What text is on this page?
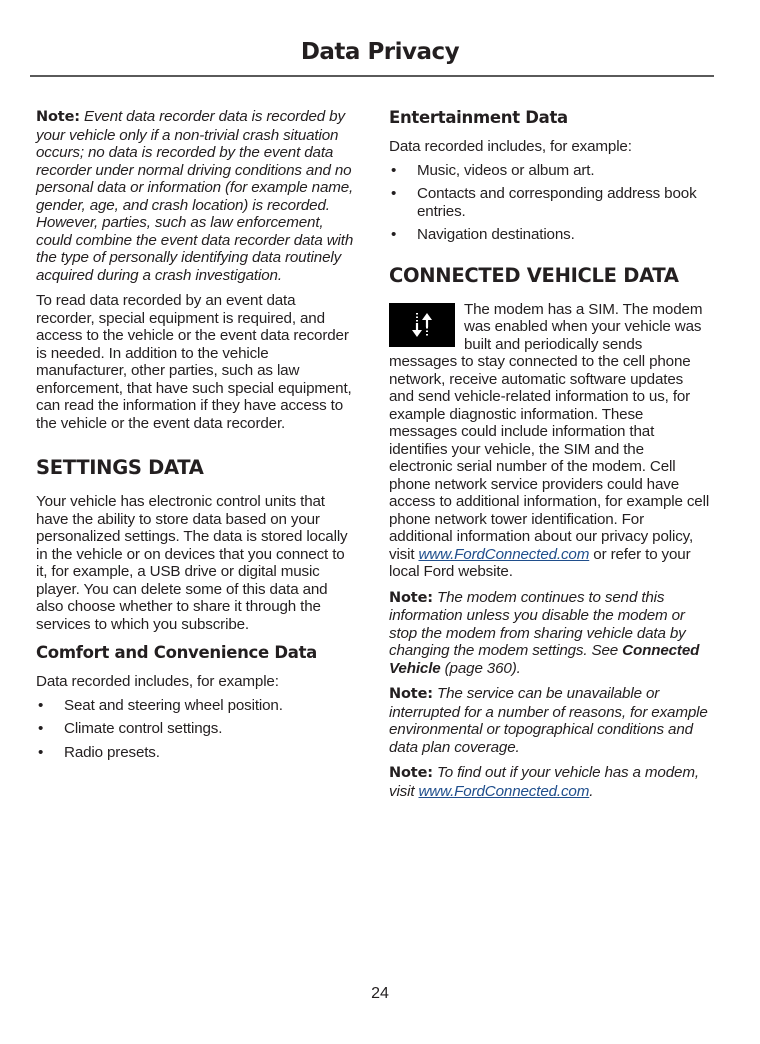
Data Privacy

Note: Event data recorder data is recorded by your vehicle only if a non-trivial crash situation occurs; no data is recorded by the event data recorder under normal driving conditions and no personal data or information (for example name, gender, age, and crash location) is recorded. However, parties, such as law enforcement, could combine the event data recorder data with the type of personally identifying data routinely acquired during a crash investigation.

To read data recorded by an event data recorder, special equipment is required, and access to the vehicle or the event data recorder is needed. In addition to the vehicle manufacturer, other parties, such as law enforcement, that have such special equipment, can read the information if they have access to the vehicle or the event data recorder.

SETTINGS DATA

Your vehicle has electronic control units that have the ability to store data based on your personalized settings. The data is stored locally in the vehicle or on devices that you connect to it, for example, a USB drive or digital music player. You can delete some of this data and also choose whether to share it through the services to which you subscribe.

Comfort and Convenience Data

Data recorded includes, for example:

• Seat and steering wheel position.
• Climate control settings.
• Radio presets.
Entertainment Data

Data recorded includes, for example:

• Music, videos or album art.
• Contacts and corresponding address book entries.
• Navigation destinations.
CONNECTED VEHICLE DATA

The modem has a SIM. The modem was enabled when your vehicle was built and periodically sends messages to stay connected to the cell phone network, receive automatic software updates and send vehicle-related information to us, for example diagnostic information. These messages could include information that identifies your vehicle, the SIM and the electronic serial number of the modem. Cell phone network service providers could have access to additional information, for example cell phone network tower identification. For additional information about our privacy policy, visit www.FordConnected.com or refer to your local Ford website.

Note: The modem continues to send this information unless you disable the modem or stop the modem from sharing vehicle data by changing the modem settings. See Connected Vehicle (page 360).

Note: The service can be unavailable or interrupted for a number of reasons, for example environmental or topographical conditions and data plan coverage.

Note: To find out if your vehicle has a modem, visit www.FordConnected.com.

24
